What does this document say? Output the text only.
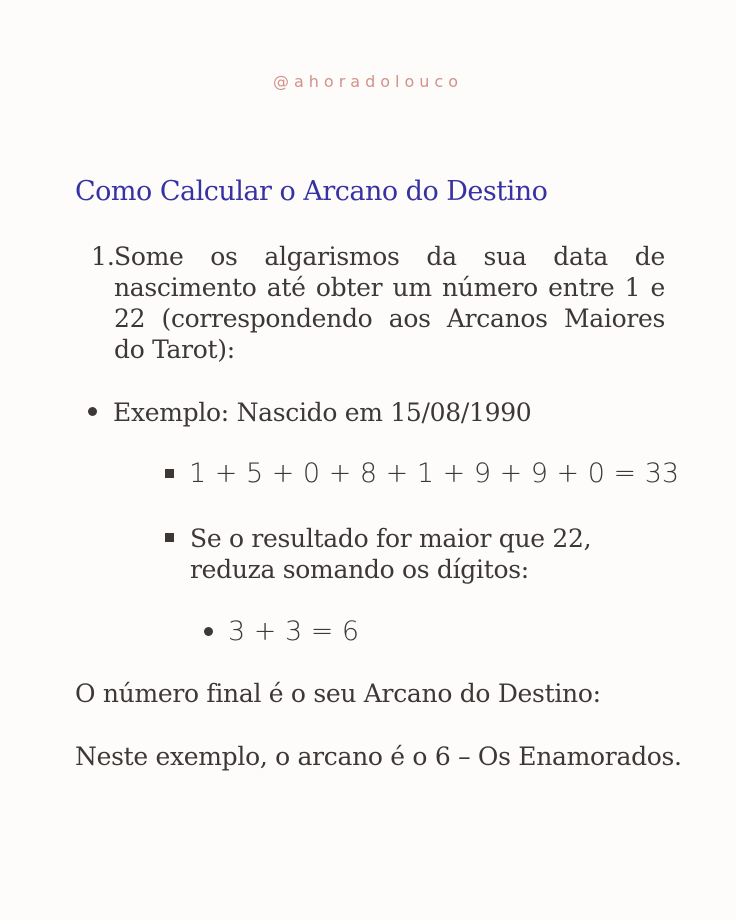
@ahoradolouco
Como Calcular o Arcano do Destino
1. Some os algarismos da sua data de nascimento até obter um número entre 1 e 22 (correspondendo aos Arcanos Maiores do Tarot):
Exemplo: Nascido em 15/08/1990
1 + 5 + 0 + 8 + 1 + 9 + 9 + 0 = 33
Se o resultado for maior que 22, reduza somando os dígitos:
3 + 3 = 6
O número final é o seu Arcano do Destino:
Neste exemplo, o arcano é o 6 – Os Enamorados.
